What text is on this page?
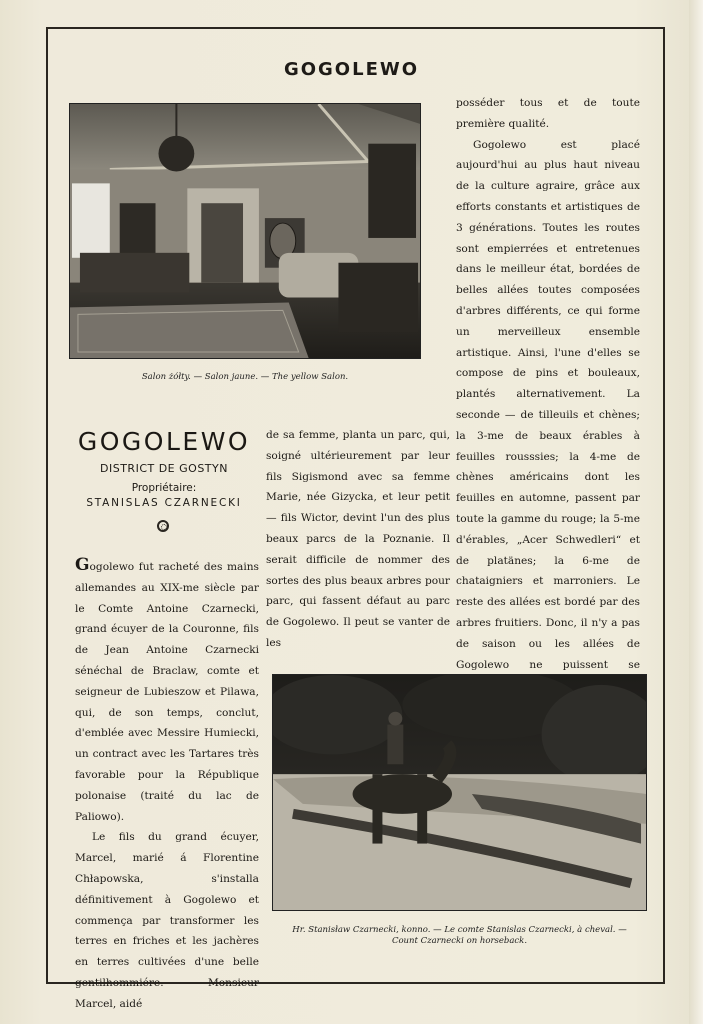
GOGOLEWO
Salon żółty. — Salon jaune. — The yellow Salon.
GOGOLEWO
DISTRICT DE GOSTYN
Propriétaire:
STANISLAS CZARNECKI

Gogolewo fut racheté des mains allemandes au XIX-me siècle par le Comte Antoine Czarnecki, grand écuyer de la Couronne, fils de Jean Antoine Czarnecki sénéchal de Braclaw, comte et seigneur de Lubieszow et Pilawa, qui, de son temps, conclut, d'emblée avec Messire Humiecki, un contract avec les Tartares très favorable pour la République polonaise (traité du lac de Paliowo).

Le fils du grand écuyer, Marcel, marié á Florentine Chłapowska, s'installa définitivement à Gogolewo et commença par transformer les terres en friches et les jachères en terres cultivées d'une belle gentilhommiére. Monsieur Marcel, aidé

de sa femme, planta un parc, qui, soigné ultérieurement par leur fils Sigismond avec sa femme Marie, née Gizycka, et leur petit — fils Wictor, devint l'un des plus beaux parcs de la Poznanie. Il serait difficile de nommer des sortes des plus beaux arbres pour parc, qui fassent défaut au parc de Gogolewo. Il peut se vanter de les

posséder tous et de toute première qualité.

Gogolewo est placé aujourd'hui au plus haut niveau de la culture agraire, grâce aux efforts constants et artistiques de 3 générations. Toutes les routes sont empierrées et entretenues dans le meilleur état, bordées de belles allées toutes composées d'arbres différents, ce qui forme un merveilleux ensemble artistique. Ainsi, l'une d'elles se compose de pins et bouleaux, plantés alternativement. La seconde — de tilleuils et chènes; la 3-me de beaux érables à feuilles rousssies; la 4-me de chènes américains dont les feuilles en automne, passent par toute la gamme du rouge; la 5-me d'érables, „Acer Schwedleri“ et de platänes; la 6-me de chataigniers et marroniers. Le reste des allées est bordé par des arbres fruitiers. Donc, il n'y a pas de saison ou les allées de Gogolewo ne puissent se

Hr. Stanisław Czarnecki, konno. — Le comte Stanislas Czarnecki, à cheval. —
Count Czarnecki on horseback.
